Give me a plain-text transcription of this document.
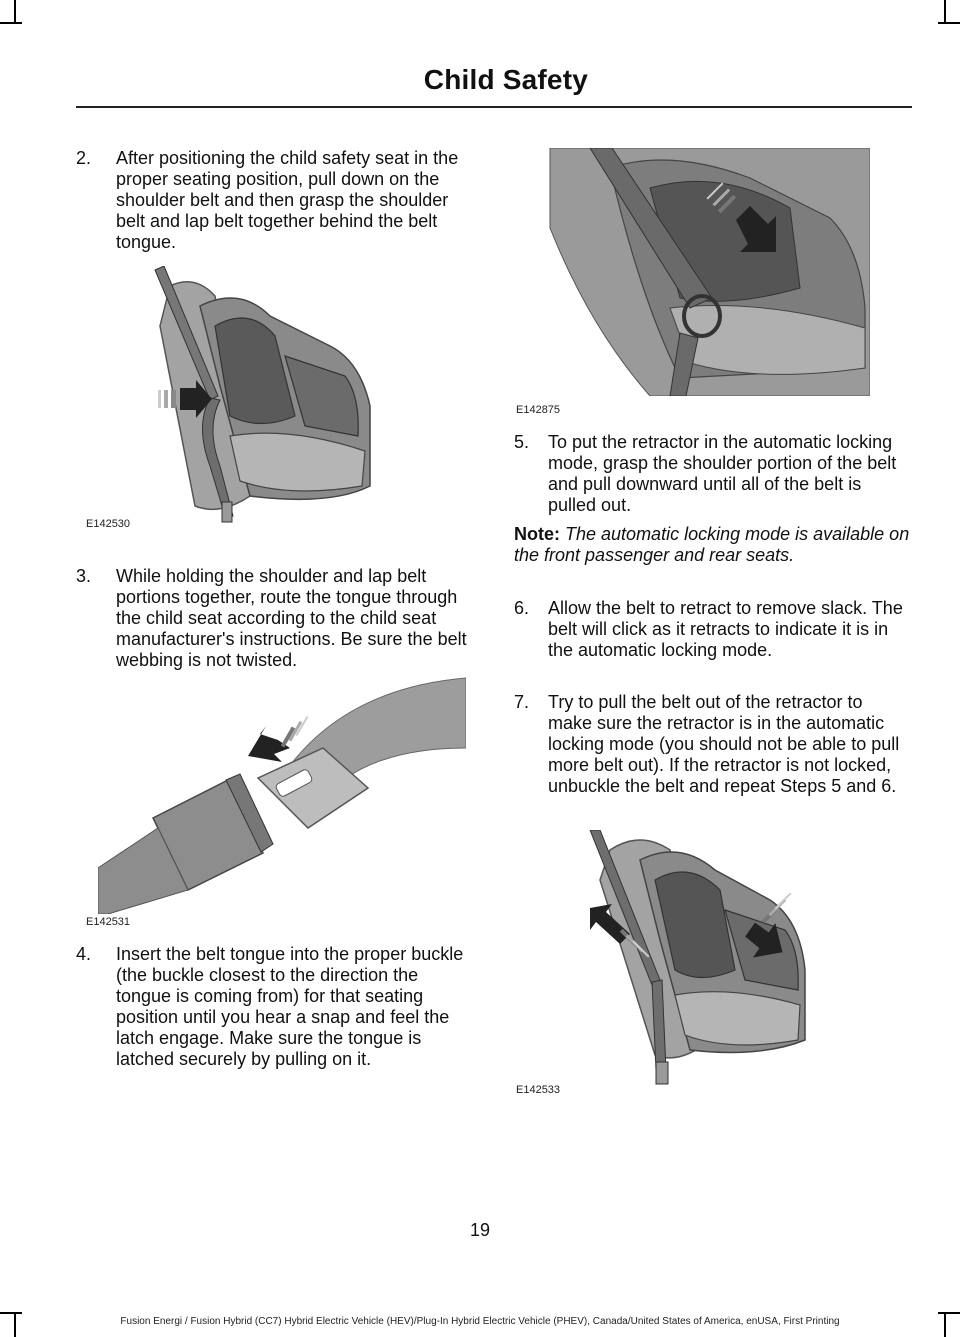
Child Safety
2. After positioning the child safety seat in the proper seating position, pull down on the shoulder belt and then grasp the shoulder belt and lap belt together behind the belt tongue.
E142530
3. While holding the shoulder and lap belt portions together, route the tongue through the child seat according to the child seat manufacturer's instructions. Be sure the belt webbing is not twisted.
E142531
4. Insert the belt tongue into the proper buckle (the buckle closest to the direction the tongue is coming from) for that seating position until you hear a snap and feel the latch engage. Make sure the tongue is latched securely by pulling on it.
E142875
5. To put the retractor in the automatic locking mode, grasp the shoulder portion of the belt and pull downward until all of the belt is pulled out.
Note: The automatic locking mode is available on the front passenger and rear seats.
6. Allow the belt to retract to remove slack. The belt will click as it retracts to indicate it is in the automatic locking mode.
7. Try to pull the belt out of the retractor to make sure the retractor is in the automatic locking mode (you should not be able to pull more belt out). If the retractor is not locked, unbuckle the belt and repeat Steps 5 and 6.
E142533
19
Fusion Energi / Fusion Hybrid (CC7) Hybrid Electric Vehicle (HEV)/Plug-In Hybrid Electric Vehicle (PHEV), Canada/United States of America, enUSA, First Printing
